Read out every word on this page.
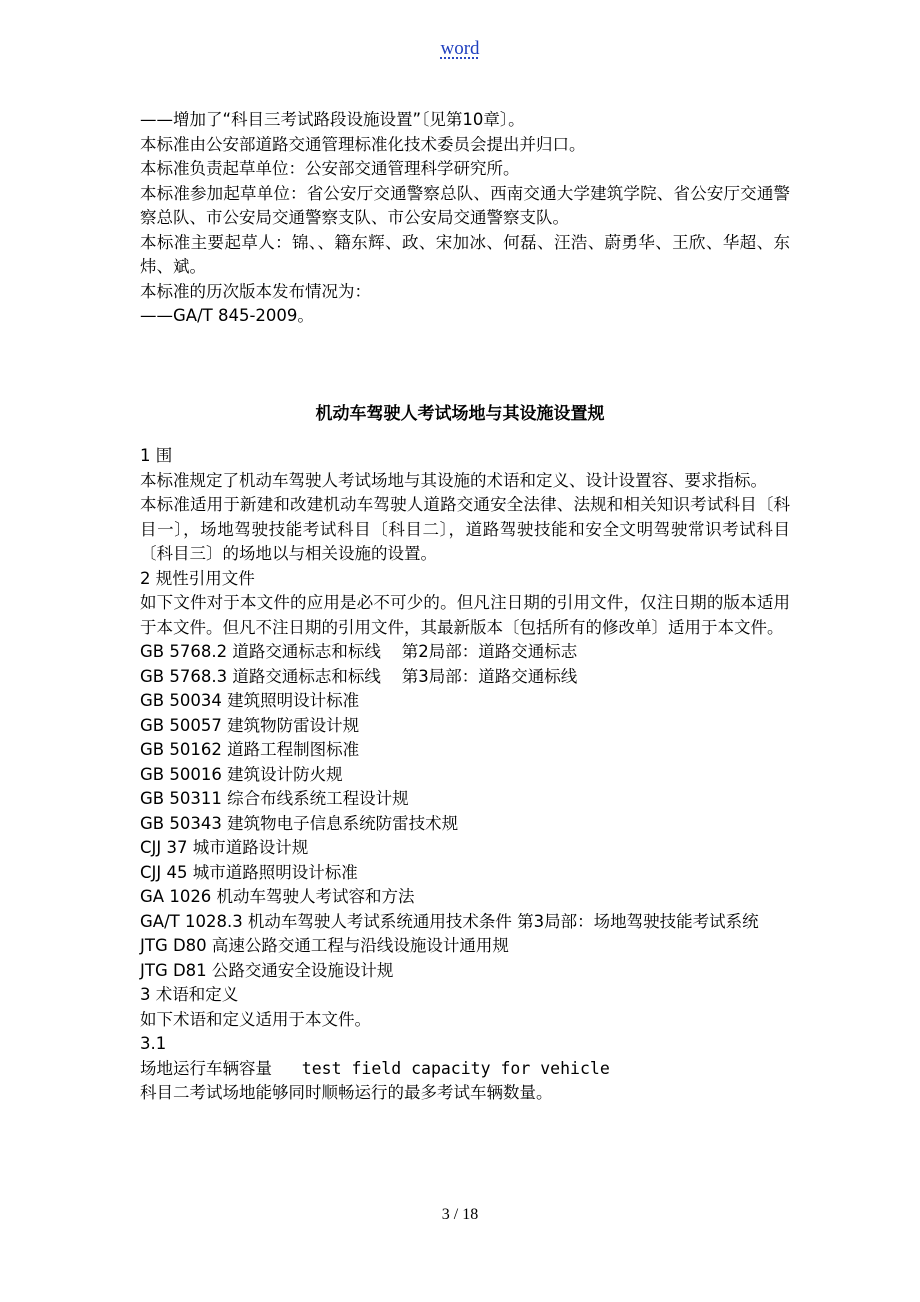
word

——增加了“科目三考试路段设施设置”〔见第10章〕。

本标准由公安部道路交通管理标准化技术委员会提出并归口。

本标准负责起草单位：公安部交通管理科学研究所。

本标准参加起草单位：省公安厅交通警察总队、西南交通大学建筑学院、省公安厅交通警察总队、市公安局交通警察支队、市公安局交通警察支队。

本标准主要起草人：锦、、籍东辉、政、宋加冰、何磊、汪浩、蔚勇华、王欣、华超、东炜、斌。

本标准的历次版本发布情况为：

——GA/T 845-2009。

机动车驾驶人考试场地与其设施设置规

1 围

本标准规定了机动车驾驶人考试场地与其设施的术语和定义、设计设置容、要求指标。

本标准适用于新建和改建机动车驾驶人道路交通安全法律、法规和相关知识考试科目〔科目一〕，场地驾驶技能考试科目〔科目二〕，道路驾驶技能和安全文明驾驶常识考试科目〔科目三〕的场地以与相关设施的设置。

2 规性引用文件

如下文件对于本文件的应用是必不可少的。但凡注日期的引用文件，仅注日期的版本适用于本文件。但凡不注日期的引用文件，其最新版本〔包括所有的修改单〕适用于本文件。

GB 5768.2 道路交通标志和标线    第2局部：道路交通标志

GB 5768.3 道路交通标志和标线    第3局部：道路交通标线

GB 50034 建筑照明设计标准

GB 50057 建筑物防雷设计规

GB 50162 道路工程制图标准

GB 50016 建筑设计防火规

GB 50311 综合布线系统工程设计规

GB 50343 建筑物电子信息系统防雷技术规

CJJ 37 城市道路设计规

CJJ 45 城市道路照明设计标准

GA 1026 机动车驾驶人考试容和方法

GA/T 1028.3 机动车驾驶人考试系统通用技术条件 第3局部：场地驾驶技能考试系统

JTG D80 高速公路交通工程与沿线设施设计通用规

JTG D81 公路交通安全设施设计规

3 术语和定义

如下术语和定义适用于本文件。

3.1

场地运行车辆容量   test field capacity for vehicle

科目二考试场地能够同时顺畅运行的最多考试车辆数量。

3 / 18
